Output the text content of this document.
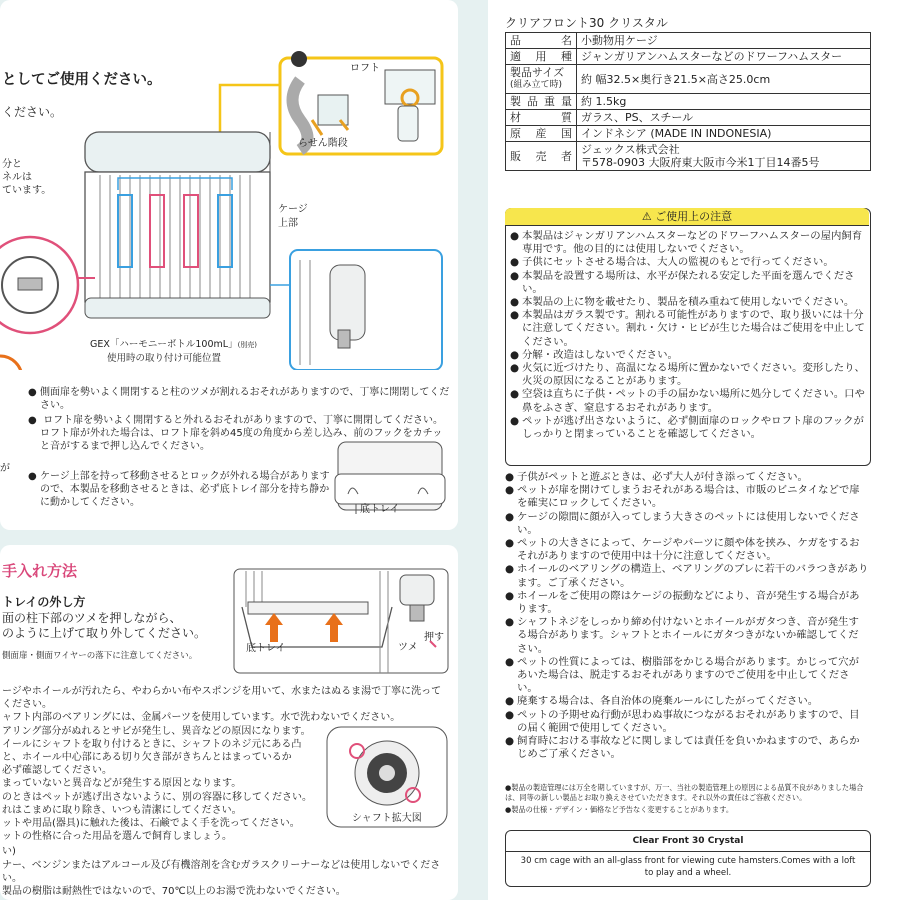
としてご使用ください。
ください。
分と
ネルは
ています。
ロフト
らせん階段
ケージ
上部
GEX「ハーモニーボトル100mL」(別売)
使用時の取り付け可能位置
● 側面扉を勢いよく開閉すると柱のツメが割れるおそれがありますので、丁寧に開閉してください。
● ロフト扉を勢いよく開閉すると外れるおそれがありますので、丁寧に開閉してください。ロフト扉が外れた場合は、ロフト扉を斜め45度の角度から差し込み、前のフックをカチッと音がするまで押し込んでください。
● ケージ上部を持って移動させるとロックが外れる場合がありますので、本製品を移動させるときは、必ず底トレイ部分を持ち静かに動かしてください。
が
底トレイ
手入れ方法
トレイの外し方
面の柱下部のツメを押しながら、
のように上げて取り外してください。
側面扉・側面ワイヤーの落下に注意してください。
底トレイ	ツメ
押す
ージやホイールが汚れたら、やわらかい布やスポンジを用いて、水またはぬるま湯で丁寧に洗ってください。
ャフト内部のベアリングには、金属パーツを使用しています。水で洗わないでください。
アリング部分がぬれるとサビが発生し、異音などの原因になります。
イールにシャフトを取り付けるときに、シャフトのネジ元にある凸
と、ホイール中心部にある切り欠き部がきちんとはまっているか
必ず確認してください。
まっていないと異音などが発生する原因となります。
のときはペットが逃げ出さないように、別の容器に移してください。
れはこまめに取り除き、いつも清潔にしてください。
ットや用品(器具)に触れた後は、石鹸でよく手を洗ってください。
ットの性格に合った用品を選んで飼育しましょう。
い)
ナー、ベンジンまたはアルコール及び有機溶剤を含むガラスクリーナーなどは使用しないでください。
製品の樹脂は耐熱性ではないので、70℃以上のお湯で洗わないでください。
シャフト拡大図
クリアフロント30 クリスタル
品名	小動物用ケージ
適用種	ジャンガリアンハムスターなどのドワーフハムスター

製品サイズ
(組み立て時)	約 幅32.5×奥行き21.5×高さ25.0cm
製品重量	約 1.5kg
材質	ガラス、PS、スチール
原産国	インドネシア (MADE IN INDONESIA)
販売者	ジェックス株式会社
〒578-0903 大阪府東大阪市今米1丁目14番5号
⚠ ご使用上の注意
● 本製品はジャンガリアンハムスターなどのドワーフハムスターの屋内飼育専用です。他の目的には使用しないでください。
● 子供にセットさせる場合は、大人の監視のもとで行ってください。
● 本製品を設置する場所は、水平が保たれる安定した平面を選んでください。
● 本製品の上に物を載せたり、製品を積み重ねて使用しないでください。
● 本製品はガラス製です。割れる可能性がありますので、取り扱いには十分に注意してください。割れ・欠け・ヒビが生じた場合はご使用を中止してください。
● 分解・改造はしないでください。
● 火気に近づけたり、高温になる場所に置かないでください。変形したり、火災の原因になることがあります。
● 空袋は直ちに子供・ペットの手の届かない場所に処分してください。口や鼻をふさぎ、窒息するおそれがあります。
● ペットが逃げ出さないように、必ず側面扉のロックやロフト扉のフックがしっかりと閉まっていることを確認してください。
● 子供がペットと遊ぶときは、必ず大人が付き添ってください。
● ペットが扉を開けてしまうおそれがある場合は、市販のビニタイなどで扉を確実にロックしてください。
● ケージの隙間に顔が入ってしまう大きさのペットには使用しないでください。
● ペットの大きさによって、ケージやパーツに顔や体を挟み、ケガをするおそれがありますので使用中は十分に注意してください。
● ホイールのベアリングの構造上、ベアリングのブレに若干のバラつきがあります。ご了承ください。
● ホイールをご使用の際はケージの振動などにより、音が発生する場合があります。
● シャフトネジをしっかり締め付けないとホイールがガタつき、音が発生する場合があります。シャフトとホイールにガタつきがないか確認してください。
● ペットの性質によっては、樹脂部をかじる場合があります。かじって穴があいた場合は、脱走するおそれがありますのでご使用を中止してください。
● 廃棄する場合は、各自治体の廃棄ルールにしたがってください。
● ペットの予期せぬ行動が思わぬ事故につながるおそれがありますので、目の届く範囲で使用してください。
● 飼育時における事故などに関しましては責任を負いかねますので、あらかじめご了承ください。
●製品の製造管理には万全を期していますが、万一、当社の製造管理上の原因による品質不良がありました場合は、同等の新しい製品とお取り換えさせていただきます。それ以外の責任はご容赦ください。
●製品の仕様・デザイン・価格など予告なく変更することがあります。
Clear Front 30 Crystal
30 cm cage with an all-glass front for viewing cute hamsters.Comes with a loft to play and a wheel.
